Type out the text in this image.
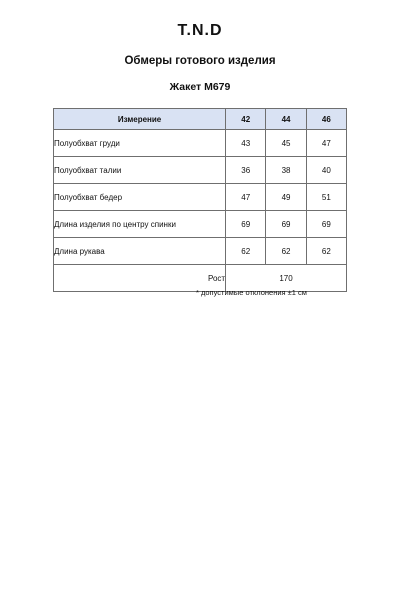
T.N.D
Обмеры готового изделия
Жакет М679
Измерение	42	44	46
Полуобхват груди	43	45	47
Полуобхват талии	36	38	40
Полуобхват бедер	47	49	51
Длина изделия по центру спинки	69	69	69
Длина рукава	62	62	62
Рост	170		
* допустимые отклонения ±1 см
